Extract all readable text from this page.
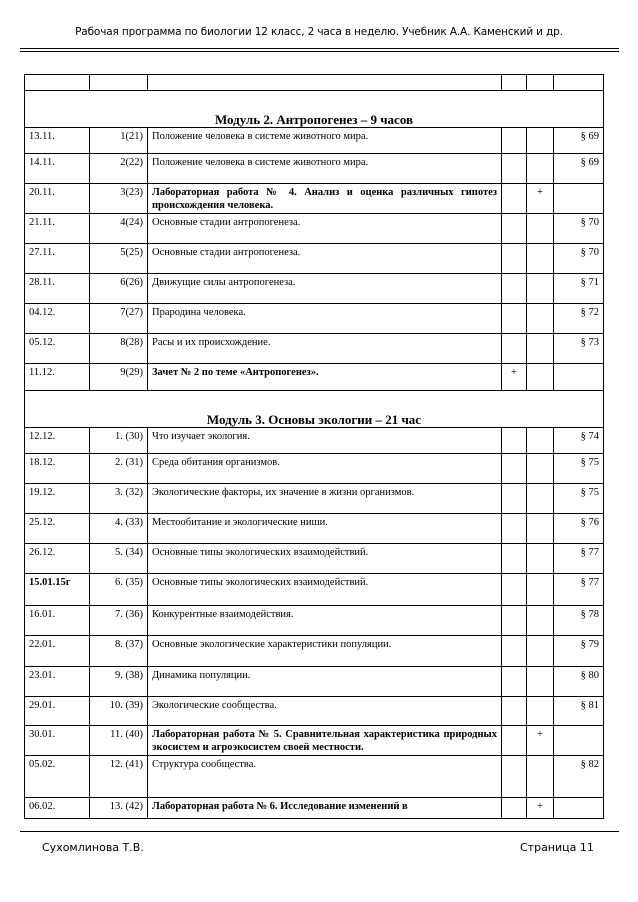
Рабочая программа по биологии 12 класс, 2 часа в неделю. Учебник А.А. Каменский и др.

Модуль 2. Антропогенез – 9 часов					
13.11.	1(21)	Положение человека в системе животного мира.			§ 69
14.11.	2(22)	Положение человека в системе животного мира.			§ 69
20.11.	3(23)	Лабораторная работа № 4. Анализ и оценка различных гипотез происхождения человека.		+	
21.11.	4(24)	Основные стадии антропогенеза.			§ 70
27.11.	5(25)	Основные стадии антропогенеза.			§ 70
28.11.	6(26)	Движущие силы антропогенеза.			§ 71
04.12.	7(27)	Прародина человека.			§ 72
05.12.	8(28)	Расы и их происхождение.			§ 73
11.12.	9(29)	Зачет № 2 по теме «Антропогенез».	+		
Модуль 3. Основы экологии – 21 час					
12.12.	1. (30)	Что изучает экология.			§ 74
18.12.	2. (31)	Среда обитания организмов.			§ 75
19.12.	3. (32)	Экологические факторы, их значение в жизни организмов.			§ 75
25.12.	4. (33)	Местообитание и экологические ниши.			§ 76
26.12.	5. (34)	Основные типы экологических взаимодействий.			§ 77
15.01.15г	6. (35)	Основные типы экологических взаимодействий.			§ 77
16.01.	7. (36)	Конкурентные взаимодействия.			§ 78
22.01.	8. (37)	Основные экологические характеристики популяции.			§ 79
23.01.	9. (38)	Динамика популяции.			§ 80
29.01.	10. (39)	Экологические сообщества.			§ 81
30.01.	11. (40)	Лабораторная работа № 5. Сравнительная характеристика природных экосистем и агроэкосистем своей местности.		+	
05.02.	12. (41)	Структура сообщества.			§ 82
06.02.	13. (42)	Лабораторная работа № 6. Исследование изменений в		+	
Сухомлинова Т.В.	Страница 11
